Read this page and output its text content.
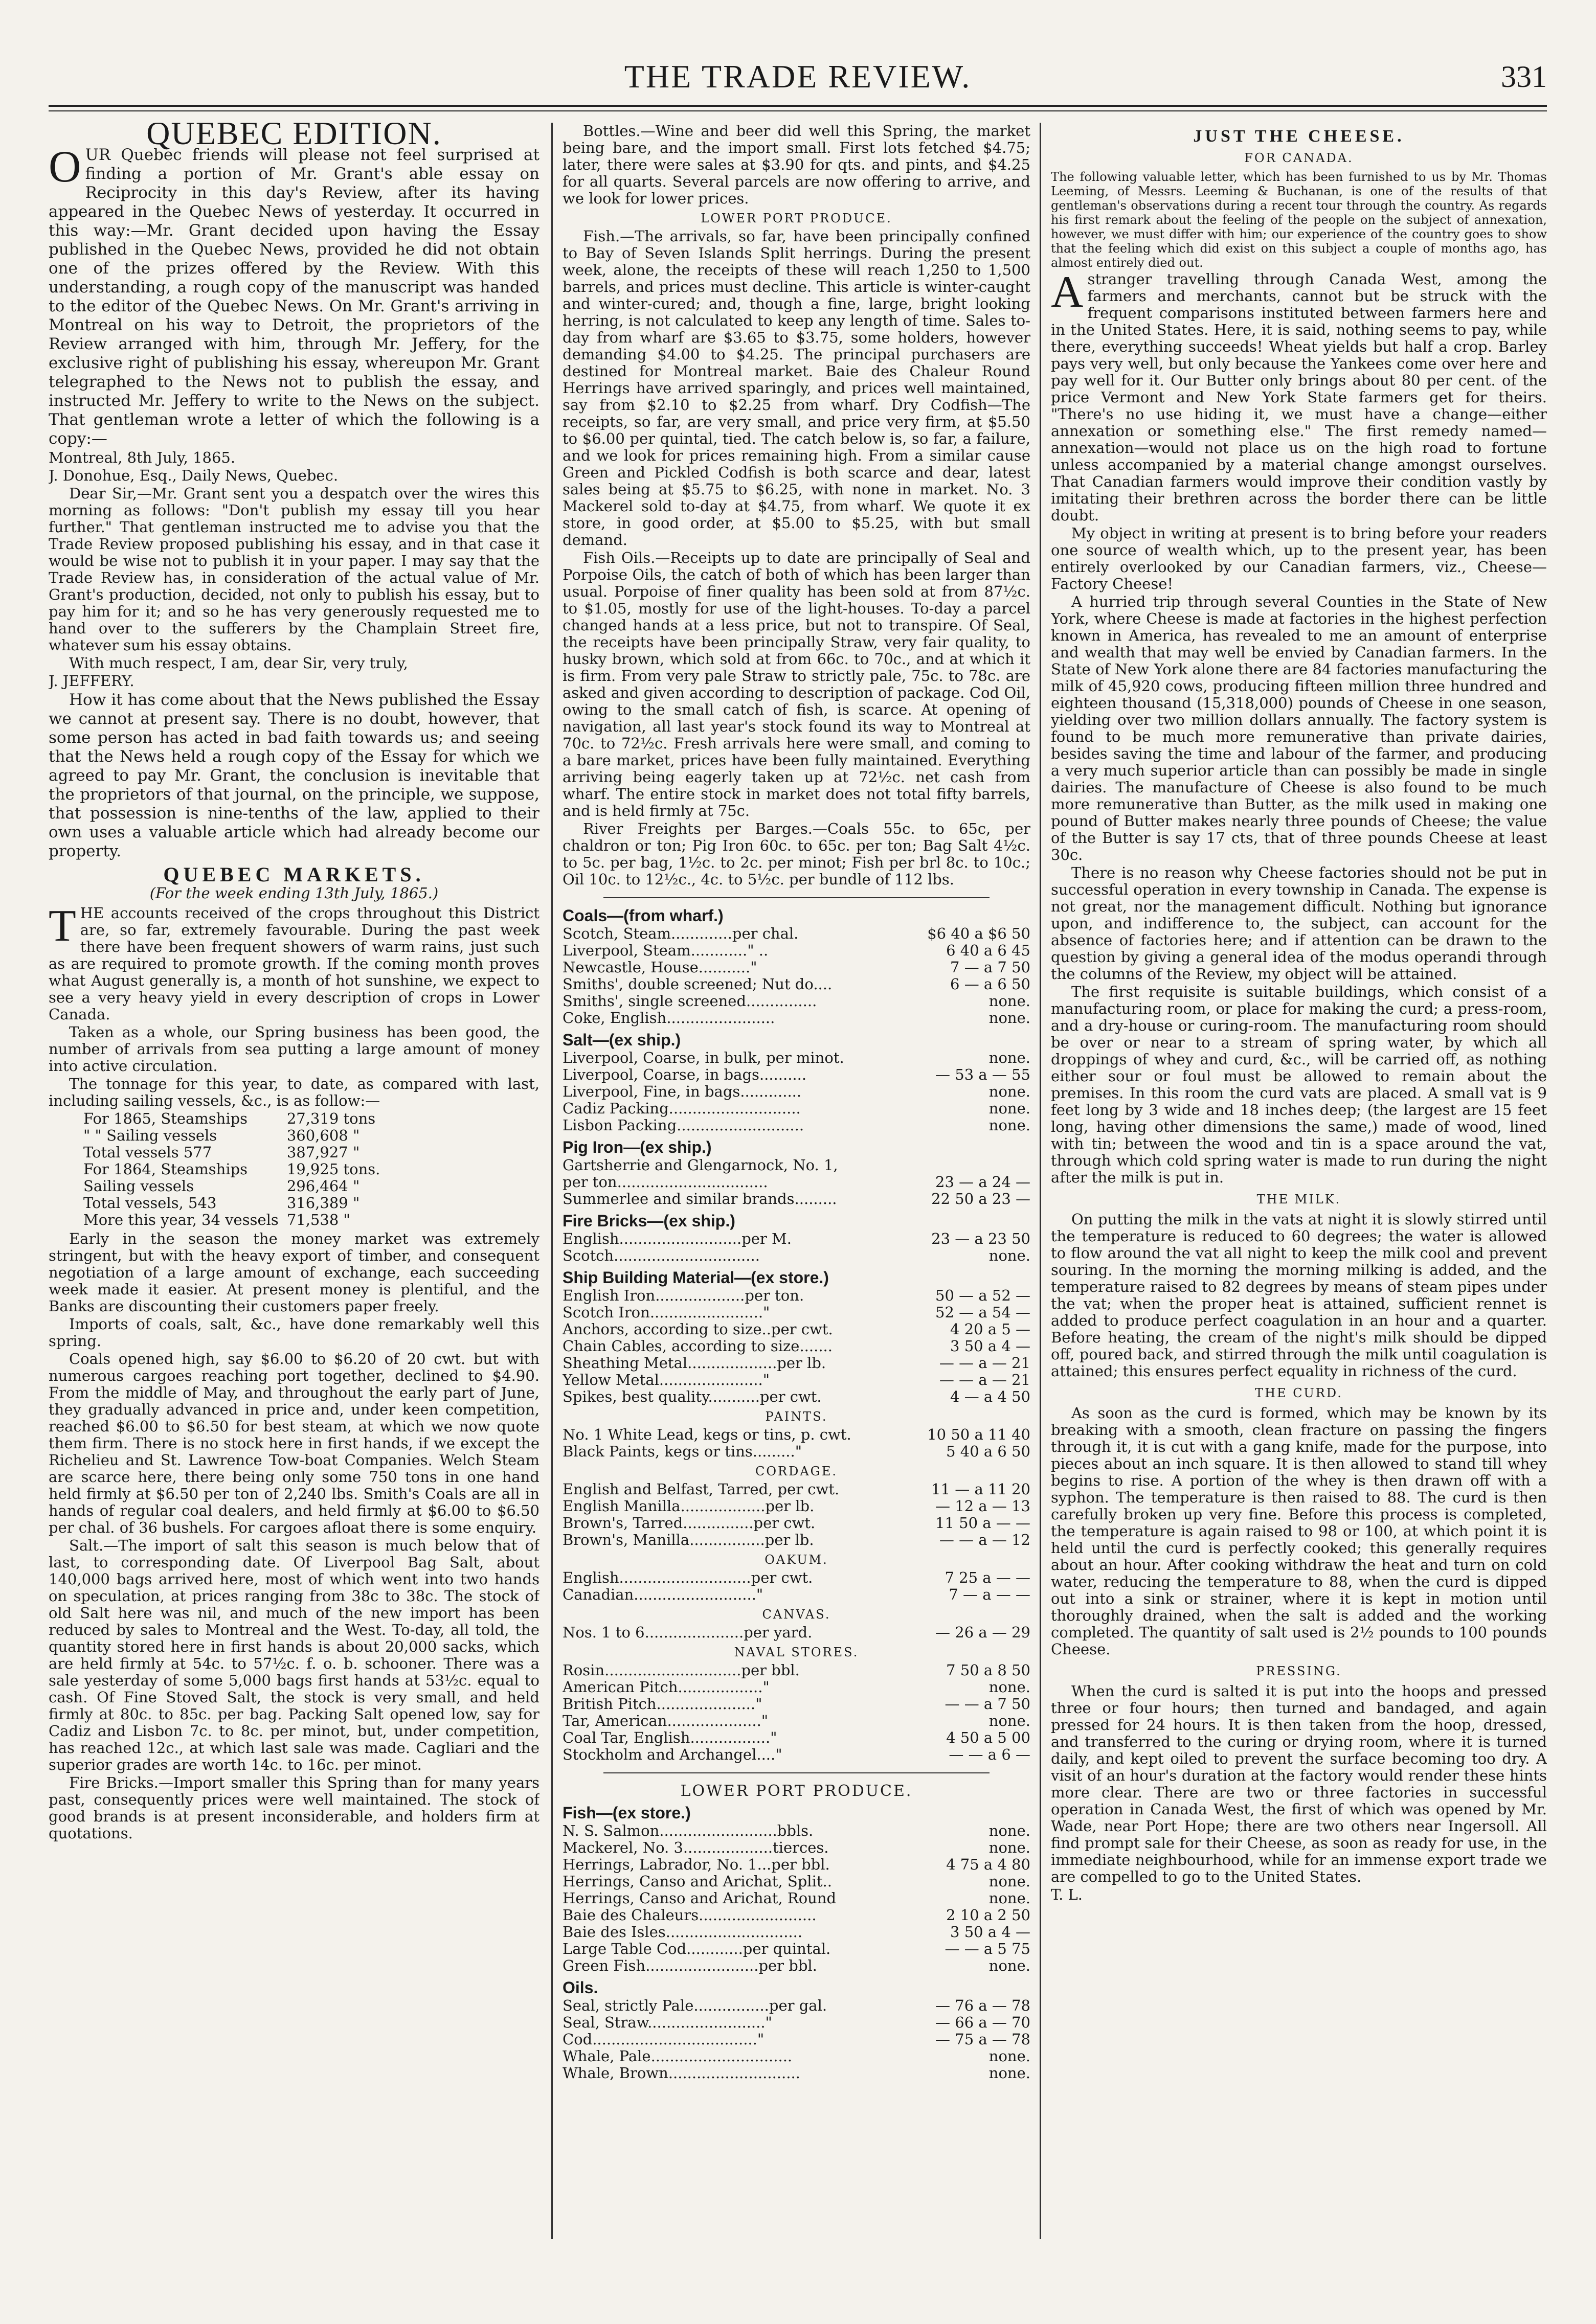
THE TRADE REVIEW.	331
QUEBEC EDITION.

OUR Quebec friends will please not feel surprised at finding a portion of Mr. Grant's able essay on Reciprocity in this day's Review, after its having appeared in the Quebec News of yesterday. It occurred in this way:—Mr. Grant decided upon having the Essay published in the Quebec News, provided he did not obtain one of the prizes offered by the Review. With this understanding, a rough copy of the manuscript was handed to the editor of the Quebec News. On Mr. Grant's arriving in Montreal on his way to Detroit, the proprietors of the Review arranged with him, through Mr. Jeffery, for the exclusive right of publishing his essay, whereupon Mr. Grant telegraphed to the News not to publish the essay, and instructed Mr. Jeffery to write to the News on the subject. That gentleman wrote a letter of which the following is a copy:—

Montreal, 8th July, 1865.

J. Donohue, Esq., Daily News, Quebec.

Dear Sir,—Mr. Grant sent you a despatch over the wires this morning as follows: "Don't publish my essay till you hear further." That gentleman instructed me to advise you that the Trade Review proposed publishing his essay, and in that case it would be wise not to publish it in your paper. I may say that the Trade Review has, in consideration of the actual value of Mr. Grant's production, decided, not only to publish his essay, but to pay him for it; and so he has very generously requested me to hand over to the sufferers by the Champlain Street fire, whatever sum his essay obtains.

With much respect, I am, dear Sir, very truly,

J. JEFFERY.

How it has come about that the News published the Essay we cannot at present say. There is no doubt, however, that some person has acted in bad faith towards us; and seeing that the News held a rough copy of the Essay for which we agreed to pay Mr. Grant, the conclusion is inevitable that the proprietors of that journal, on the principle, we suppose, that possession is nine-tenths of the law, applied to their own uses a valuable article which had already become our property.

QUEBEC MARKETS.
(For the week ending 13th July, 1865.)

THE accounts received of the crops throughout this District are, so far, extremely favourable. During the past week there have been frequent showers of warm rains, just such as are required to promote growth. If the coming month proves what August generally is, a month of hot sunshine, we expect to see a very heavy yield in every description of crops in Lower Canada.

Taken as a whole, our Spring business has been good, the number of arrivals from sea putting a large amount of money into active circulation.

The tonnage for this year, to date, as compared with last, including sailing vessels, &c., is as follow:—

For 1865, Steamships	27,319 tons
" " Sailing vessels	360,608 "
Total vessels 577	387,927 "
For 1864, Steamships	19,925 tons.
Sailing vessels	296,464 "
Total vessels, 543	316,389 "
More this year, 34 vessels	71,538 "

Early in the season the money market was extremely stringent, but with the heavy export of timber, and consequent negotiation of a large amount of exchange, each succeeding week made it easier. At present money is plentiful, and the Banks are discounting their customers paper freely.

Imports of coals, salt, &c., have done remarkably well this spring.

Coals opened high, say $6.00 to $6.20 of 20 cwt. but with numerous cargoes reaching port together, declined to $4.90. From the middle of May, and throughout the early part of June, they gradually advanced in price and, under keen competition, reached $6.00 to $6.50 for best steam, at which we now quote them firm. There is no stock here in first hands, if we except the Richelieu and St. Lawrence Tow-boat Companies. Welch Steam are scarce here, there being only some 750 tons in one hand held firmly at $6.50 per ton of 2,240 lbs. Smith's Coals are all in hands of regular coal dealers, and held firmly at $6.00 to $6.50 per chal. of 36 bushels. For cargoes afloat there is some enquiry.

Salt.—The import of salt this season is much below that of last, to corresponding date. Of Liverpool Bag Salt, about 140,000 bags arrived here, most of which went into two hands on speculation, at prices ranging from 38c to 38c. The stock of old Salt here was nil, and much of the new import has been reduced by sales to Montreal and the West. To-day, all told, the quantity stored here in first hands is about 20,000 sacks, which are held firmly at 54c. to 57½c. f. o. b. schooner. There was a sale yesterday of some 5,000 bags first hands at 53½c. equal to cash. Of Fine Stoved Salt, the stock is very small, and held firmly at 80c. to 85c. per bag. Packing Salt opened low, say for Cadiz and Lisbon 7c. to 8c. per minot, but, under competition, has reached 12c., at which last sale was made. Cagliari and the superior grades are worth 14c. to 16c. per minot.

Fire Bricks.—Import smaller this Spring than for many years past, consequently prices were well maintained. The stock of good brands is at present inconsiderable, and holders firm at quotations.

Bottles.—Wine and beer did well this Spring, the market being bare, and the import small. First lots fetched $4.75; later, there were sales at $3.90 for qts. and pints, and $4.25 for all quarts. Several parcels are now offering to arrive, and we look for lower prices.

LOWER PORT PRODUCE.

Fish.—The arrivals, so far, have been principally confined to Bay of Seven Islands Split herrings. During the present week, alone, the receipts of these will reach 1,250 to 1,500 barrels, and prices must decline. This article is winter-caught and winter-cured; and, though a fine, large, bright looking herring, is not calculated to keep any length of time. Sales to-day from wharf are $3.65 to $3.75, some holders, however demanding $4.00 to $4.25. The principal purchasers are destined for Montreal market. Baie des Chaleur Round Herrings have arrived sparingly, and prices well maintained, say from $2.10 to $2.25 from wharf. Dry Codfish—The receipts, so far, are very small, and price very firm, at $5.50 to $6.00 per quintal, tied. The catch below is, so far, a failure, and we look for prices remaining high. From a similar cause Green and Pickled Codfish is both scarce and dear, latest sales being at $5.75 to $6.25, with none in market. No. 3 Mackerel sold to-day at $4.75, from wharf. We quote it ex store, in good order, at $5.00 to $5.25, with but small demand.

Fish Oils.—Receipts up to date are principally of Seal and Porpoise Oils, the catch of both of which has been larger than usual. Porpoise of finer quality has been sold at from 87½c. to $1.05, mostly for use of the light-houses. To-day a parcel changed hands at a less price, but not to transpire. Of Seal, the receipts have been principally Straw, very fair quality, to husky brown, which sold at from 66c. to 70c., and at which it is firm. From very pale Straw to strictly pale, 75c. to 78c. are asked and given according to description of package. Cod Oil, owing to the small catch of fish, is scarce. At opening of navigation, all last year's stock found its way to Montreal at 70c. to 72½c. Fresh arrivals here were small, and coming to a bare market, prices have been fully maintained. Everything arriving being eagerly taken up at 72½c. net cash from wharf. The entire stock in market does not total fifty barrels, and is held firmly at 75c.

River Freights per Barges.—Coals 55c. to 65c, per chaldron or ton; Pig Iron 60c. to 65c. per ton; Bag Salt 4½c. to 5c. per bag, 1½c. to 2c. per minot; Fish per brl 8c. to 10c.; Oil 10c. to 12½c., 4c. to 5½c. per bundle of 112 lbs.

Coals—(from wharf.)
Scotch, Steam.............per chal.	$6 40 a $6 50
Liverpool, Steam............" ..	6 40 a 6 45
Newcastle, House..........."	7 — a 7 50
Smiths', double screened; Nut do....	6 — a 6 50
Smiths', single screened...............	none.
Coke, English.......................	none.
Salt—(ex ship.)
Liverpool, Coarse, in bulk, per minot.	none.
Liverpool, Coarse, in bags..........	— 53 a — 55
Liverpool, Fine, in bags.............	none.
Cadiz Packing............................	none.
Lisbon Packing...........................	none.
Pig Iron—(ex ship.)
Gartsherrie and Glengarnock, No. 1,
per ton................................	23 — a 24 —
Summerlee and similar brands.........	22 50 a 23 —
Fire Bricks—(ex ship.)
English..........................per M.	23 — a 23 50
Scotch...............................	none.
Ship Building Material—(ex store.)
English Iron...................per ton.	50 — a 52 —
Scotch Iron........................"	52 — a 54 —
Anchors, according to size..per cwt.	4 20 a 5 —
Chain Cables, according to size.......	3 50 a 4 —
Sheathing Metal...................per lb.	— — a — 21
Yellow Metal......................"	— — a — 21
Spikes, best quality...........per cwt.	4 — a 4 50
PAINTS.
No. 1 White Lead, kegs or tins, p. cwt.	10 50 a 11 40
Black Paints, kegs or tins........."	5 40 a 6 50
CORDAGE.
English and Belfast, Tarred, per cwt.	11 — a 11 20
English Manilla..................per lb.	— 12 a — 13
Brown's, Tarred...............per cwt.	11 50 a — —
Brown's, Manilla................per lb.	— — a — 12
OAKUM.
English............................per cwt.	7 25 a — —
Canadian.........................."	7 — a — —
CANVAS.
Nos. 1 to 6.....................per yard.	— 26 a — 29
NAVAL STORES.
Rosin.............................per bbl.	7 50 a 8 50
American Pitch.................."	none.
British Pitch....................."	— — a 7 50
Tar, American...................."	none.
Coal Tar, English................."	4 50 a 5 00
Stockholm and Archangel...."	— — a 6 —
LOWER PORT PRODUCE.
Fish—(ex store.)
N. S. Salmon.........................bbls.	none.
Mackerel, No. 3...................tierces.	none.
Herrings, Labrador, No. 1...per bbl.	4 75 a 4 80
Herrings, Canso and Arichat, Split..	none.
Herrings, Canso and Arichat, Round	none.
Baie des Chaleurs.........................	2 10 a 2 50
Baie des Isles.............................	3 50 a 4 —
Large Table Cod............per quintal.	— — a 5 75
Green Fish........................per bbl.	none.
Oils.
Seal, strictly Pale................per gal.	— 76 a — 78
Seal, Straw........................."	— 66 a — 70
Cod..................................."	— 75 a — 78
Whale, Pale..............................	none.
Whale, Brown............................	none.
JUST THE CHEESE.
FOR CANADA.

The following valuable letter, which has been furnished to us by Mr. Thomas Leeming, of Messrs. Leeming & Buchanan, is one of the results of that gentleman's observations during a recent tour through the country. As regards his first remark about the feeling of the people on the subject of annexation, however, we must differ with him; our experience of the country goes to show that the feeling which did exist on this subject a couple of months ago, has almost entirely died out.

Astranger travelling through Canada West, among the farmers and merchants, cannot but be struck with the frequent comparisons instituted between farmers here and in the United States. Here, it is said, nothing seems to pay, while there, everything succeeds! Wheat yields but half a crop. Barley pays very well, but only because the Yankees come over here and pay well for it. Our Butter only brings about 80 per cent. of the price Vermont and New York State farmers get for theirs. "There's no use hiding it, we must have a change—either annexation or something else." The first remedy named—annexation—would not place us on the high road to fortune unless accompanied by a material change amongst ourselves. That Canadian farmers would improve their condition vastly by imitating their brethren across the border there can be little doubt.

My object in writing at present is to bring before your readers one source of wealth which, up to the present year, has been entirely overlooked by our Canadian farmers, viz., Cheese—Factory Cheese!

A hurried trip through several Counties in the State of New York, where Cheese is made at factories in the highest perfection known in America, has revealed to me an amount of enterprise and wealth that may well be envied by Canadian farmers. In the State of New York alone there are 84 factories manufacturing the milk of 45,920 cows, producing fifteen million three hundred and eighteen thousand (15,318,000) pounds of Cheese in one season, yielding over two million dollars annually. The factory system is found to be much more remunerative than private dairies, besides saving the time and labour of the farmer, and producing a very much superior article than can possibly be made in single dairies. The manufacture of Cheese is also found to be much more remunerative than Butter, as the milk used in making one pound of Butter makes nearly three pounds of Cheese; the value of the Butter is say 17 cts, that of three pounds Cheese at least 30c.

There is no reason why Cheese factories should not be put in successful operation in every township in Canada. The expense is not great, nor the management difficult. Nothing but ignorance upon, and indifference to, the subject, can account for the absence of factories here; and if attention can be drawn to the question by giving a general idea of the modus operandi through the columns of the Review, my object will be attained.

The first requisite is suitable buildings, which consist of a manufacturing room, or place for making the curd; a press-room, and a dry-house or curing-room. The manufacturing room should be over or near to a stream of spring water, by which all droppings of whey and curd, &c., will be carried off, as nothing either sour or foul must be allowed to remain about the premises. In this room the curd vats are placed. A small vat is 9 feet long by 3 wide and 18 inches deep; (the largest are 15 feet long, having other dimensions the same,) made of wood, lined with tin; between the wood and tin is a space around the vat, through which cold spring water is made to run during the night after the milk is put in.

THE MILK.

On putting the milk in the vats at night it is slowly stirred until the temperature is reduced to 60 degrees; the water is allowed to flow around the vat all night to keep the milk cool and prevent souring. In the morning the morning milking is added, and the temperature raised to 82 degrees by means of steam pipes under the vat; when the proper heat is attained, sufficient rennet is added to produce perfect coagulation in an hour and a quarter. Before heating, the cream of the night's milk should be dipped off, poured back, and stirred through the milk until coagulation is attained; this ensures perfect equality in richness of the curd.

THE CURD.

As soon as the curd is formed, which may be known by its breaking with a smooth, clean fracture on passing the fingers through it, it is cut with a gang knife, made for the purpose, into pieces about an inch square. It is then allowed to stand till whey begins to rise. A portion of the whey is then drawn off with a syphon. The temperature is then raised to 88. The curd is then carefully broken up very fine. Before this process is completed, the temperature is again raised to 98 or 100, at which point it is held until the curd is perfectly cooked; this generally requires about an hour. After cooking withdraw the heat and turn on cold water, reducing the temperature to 88, when the curd is dipped out into a sink or strainer, where it is kept in motion until thoroughly drained, when the salt is added and the working completed. The quantity of salt used is 2½ pounds to 100 pounds Cheese.

PRESSING.

When the curd is salted it is put into the hoops and pressed three or four hours; then turned and bandaged, and again pressed for 24 hours. It is then taken from the hoop, dressed, and transferred to the curing or drying room, where it is turned daily, and kept oiled to prevent the surface becoming too dry. A visit of an hour's duration at the factory would render these hints more clear. There are two or three factories in successful operation in Canada West, the first of which was opened by Mr. Wade, near Port Hope; there are two others near Ingersoll. All find prompt sale for their Cheese, as soon as ready for use, in the immediate neighbourhood, while for an immense export trade we are compelled to go to the United States.

T. L.
